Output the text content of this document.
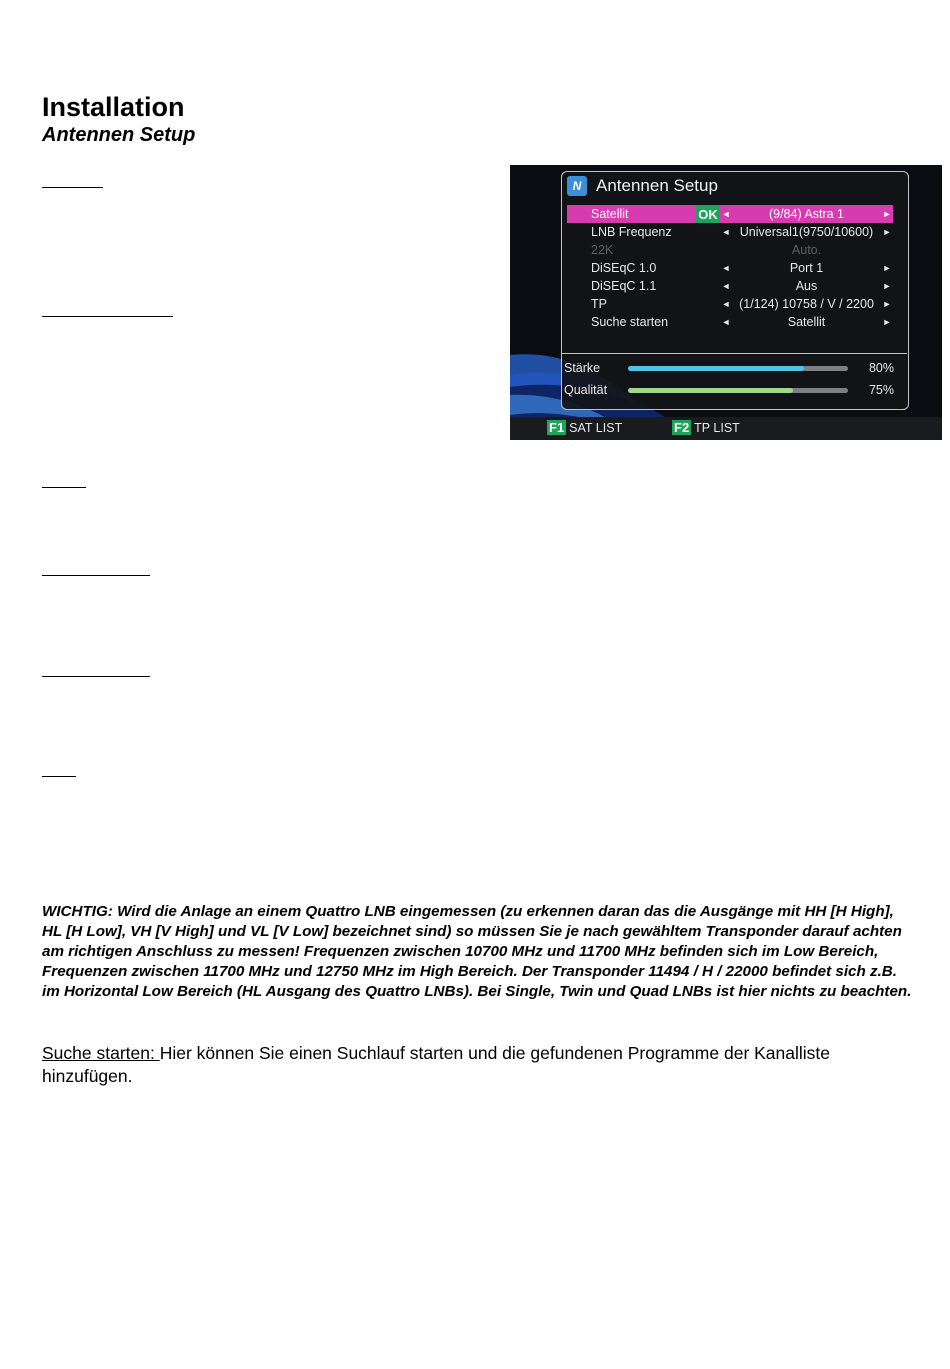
Installation
Antennen Setup
N Antennen Setup
Satellit	OK ◄	(9/84) Astra 1	►
LNB Frequenz	◄ Universal1(9750/10600)	►
22K	Auto.
DiSEqC 1.0	◄	Port 1	►
DiSEqC 1.1	◄	Aus	►
TP	◄ (1/124) 10758 / V / 2200 ►
Suche starten	◄	Satellit	►
Stärke	80%
Qualität	75%
F1 SAT LIST	F2 TP LIST

WICHTIG: Wird die Anlage an einem Quattro LNB eingemessen (zu erkennen daran das die Ausgänge mit HH [H High], HL [H Low], VH [V High] und VL [V Low] bezeichnet sind) so müssen Sie je nach gewähltem Transponder darauf achten am richtigen Anschluss zu messen! Frequenzen zwischen 10700 MHz und 11700 MHz befinden sich im Low Bereich, Frequenzen zwischen 11700 MHz und 12750 MHz im High Bereich. Der Transponder 11494 / H / 22000 befindet sich z.B. im Horizontal Low Bereich (HL Ausgang des Quattro LNBs). Bei Single, Twin und Quad LNBs ist hier nichts zu beachten.

Suche starten: Hier können Sie einen Suchlauf starten und die gefundenen Programme der Kanalliste hinzufügen.
